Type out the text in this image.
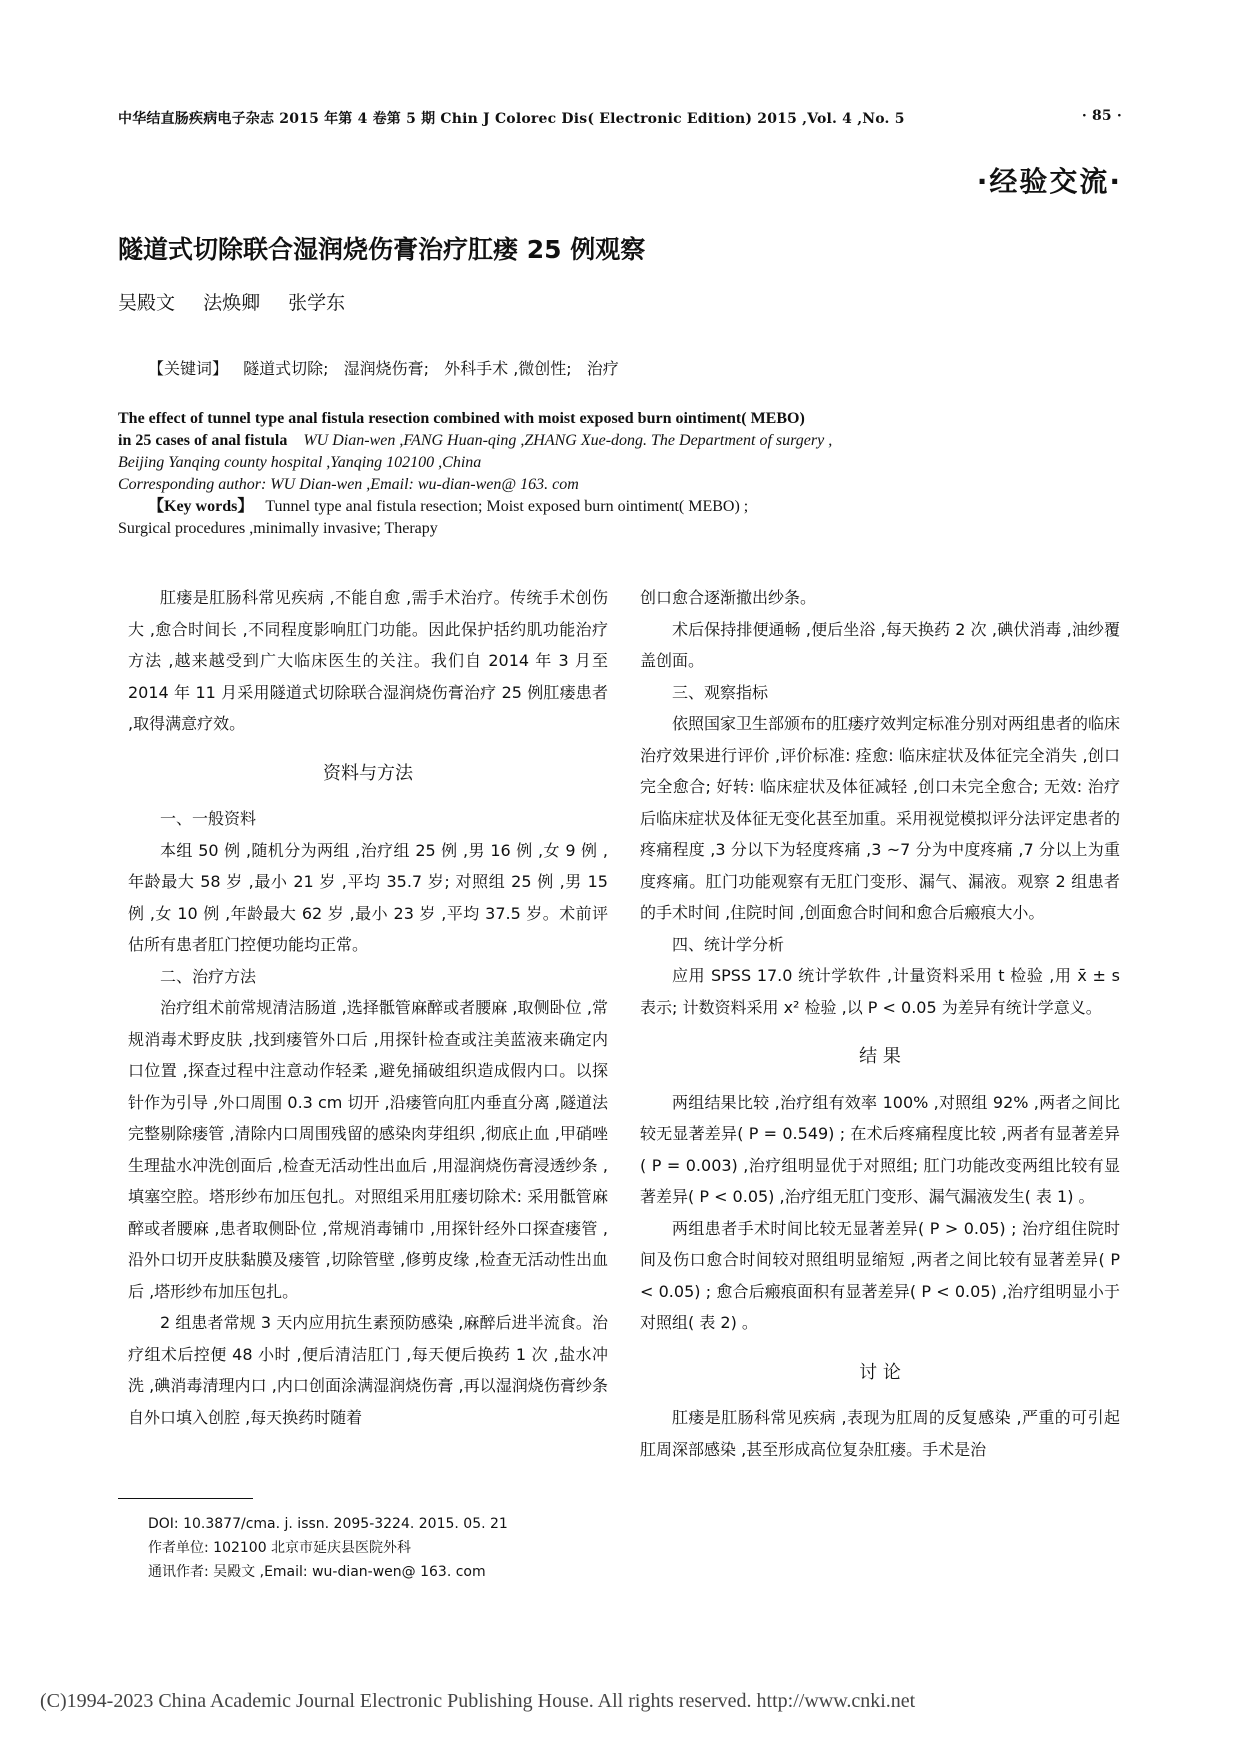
中华结直肠疾病电子杂志 2015 年第 4 卷第 5 期 Chin J Colorec Dis( Electronic Edition) 2015 ,Vol. 4 ,No. 5	· 85 ·
·经验交流·
隧道式切除联合湿润烧伤膏治疗肛瘘 25 例观察
吴殿文 法焕卿 张学东
【关键词】 隧道式切除; 湿润烧伤膏; 外科手术 ,微创性; 治疗
The effect of tunnel type anal fistula resection combined with moist exposed burn ointiment( MEBO)
in 25 cases of anal fistula WU Dian-wen ,FANG Huan-qing ,ZHANG Xue-dong. The Department of surgery ,
Beijing Yanqing county hospital ,Yanqing 102100 ,China
Corresponding author: WU Dian-wen ,Email: wu-dian-wen@ 163. com
【Key words】 Tunnel type anal fistula resection; Moist exposed burn ointiment( MEBO) ;
Surgical procedures ,minimally invasive; Therapy

肛瘘是肛肠科常见疾病 ,不能自愈 ,需手术治疗。传统手术创伤大 ,愈合时间长 ,不同程度影响肛门功能。因此保护括约肌功能治疗方法 ,越来越受到广大临床医生的关注。我们自 2014 年 3 月至 2014 年 11 月采用隧道式切除联合湿润烧伤膏治疗 25 例肛瘘患者 ,取得满意疗效。

资料与方法

一、一般资料

本组 50 例 ,随机分为两组 ,治疗组 25 例 ,男 16 例 ,女 9 例 ,年龄最大 58 岁 ,最小 21 岁 ,平均 35.7 岁; 对照组 25 例 ,男 15 例 ,女 10 例 ,年龄最大 62 岁 ,最小 23 岁 ,平均 37.5 岁。术前评估所有患者肛门控便功能均正常。

二、治疗方法

治疗组术前常规清洁肠道 ,选择骶管麻醉或者腰麻 ,取侧卧位 ,常规消毒术野皮肤 ,找到瘘管外口后 ,用探针检查或注美蓝液来确定内口位置 ,探查过程中注意动作轻柔 ,避免捅破组织造成假内口。以探针作为引导 ,外口周围 0.3 cm 切开 ,沿瘘管向肛内垂直分离 ,隧道法完整剔除瘘管 ,清除内口周围残留的感染肉芽组织 ,彻底止血 ,甲硝唑生理盐水冲洗创面后 ,检查无活动性出血后 ,用湿润烧伤膏浸透纱条 ,填塞空腔。塔形纱布加压包扎。对照组采用肛瘘切除术: 采用骶管麻醉或者腰麻 ,患者取侧卧位 ,常规消毒铺巾 ,用探针经外口探查瘘管 ,沿外口切开皮肤黏膜及瘘管 ,切除管壁 ,修剪皮缘 ,检查无活动性出血后 ,塔形纱布加压包扎。

2 组患者常规 3 天内应用抗生素预防感染 ,麻醉后进半流食。治疗组术后控便 48 小时 ,便后清洁肛门 ,每天便后换药 1 次 ,盐水冲洗 ,碘消毒清理内口 ,内口创面涂满湿润烧伤膏 ,再以湿润烧伤膏纱条自外口填入创腔 ,每天换药时随着

创口愈合逐渐撤出纱条。

术后保持排便通畅 ,便后坐浴 ,每天换药 2 次 ,碘伏消毒 ,油纱覆盖创面。

三、观察指标

依照国家卫生部颁布的肛瘘疗效判定标准分别对两组患者的临床治疗效果进行评价 ,评价标准: 痊愈: 临床症状及体征完全消失 ,创口完全愈合; 好转: 临床症状及体征减轻 ,创口未完全愈合; 无效: 治疗后临床症状及体征无变化甚至加重。采用视觉模拟评分法评定患者的疼痛程度 ,3 分以下为轻度疼痛 ,3 ~7 分为中度疼痛 ,7 分以上为重度疼痛。肛门功能观察有无肛门变形、漏气、漏液。观察 2 组患者的手术时间 ,住院时间 ,创面愈合时间和愈合后瘢痕大小。

四、统计学分析

应用 SPSS 17.0 统计学软件 ,计量资料采用 t 检验 ,用 x̄ ± s 表示; 计数资料采用 x² 检验 ,以 P < 0.05 为差异有统计学意义。

结 果

两组结果比较 ,治疗组有效率 100% ,对照组 92% ,两者之间比较无显著差异( P = 0.549) ; 在术后疼痛程度比较 ,两者有显著差异( P = 0.003) ,治疗组明显优于对照组; 肛门功能改变两组比较有显著差异( P < 0.05) ,治疗组无肛门变形、漏气漏液发生( 表 1) 。

两组患者手术时间比较无显著差异( P > 0.05) ; 治疗组住院时间及伤口愈合时间较对照组明显缩短 ,两者之间比较有显著差异( P < 0.05) ; 愈合后瘢痕面积有显著差异( P < 0.05) ,治疗组明显小于对照组( 表 2) 。

讨 论

肛瘘是肛肠科常见疾病 ,表现为肛周的反复感染 ,严重的可引起肛周深部感染 ,甚至形成高位复杂肛瘘。手术是治

DOI: 10.3877/cma. j. issn. 2095-3224. 2015. 05. 21
作者单位: 102100 北京市延庆县医院外科
通讯作者: 吴殿文 ,Email: wu-dian-wen@ 163. com
(C)1994-2023 China Academic Journal Electronic Publishing House. All rights reserved. http://www.cnki.net
